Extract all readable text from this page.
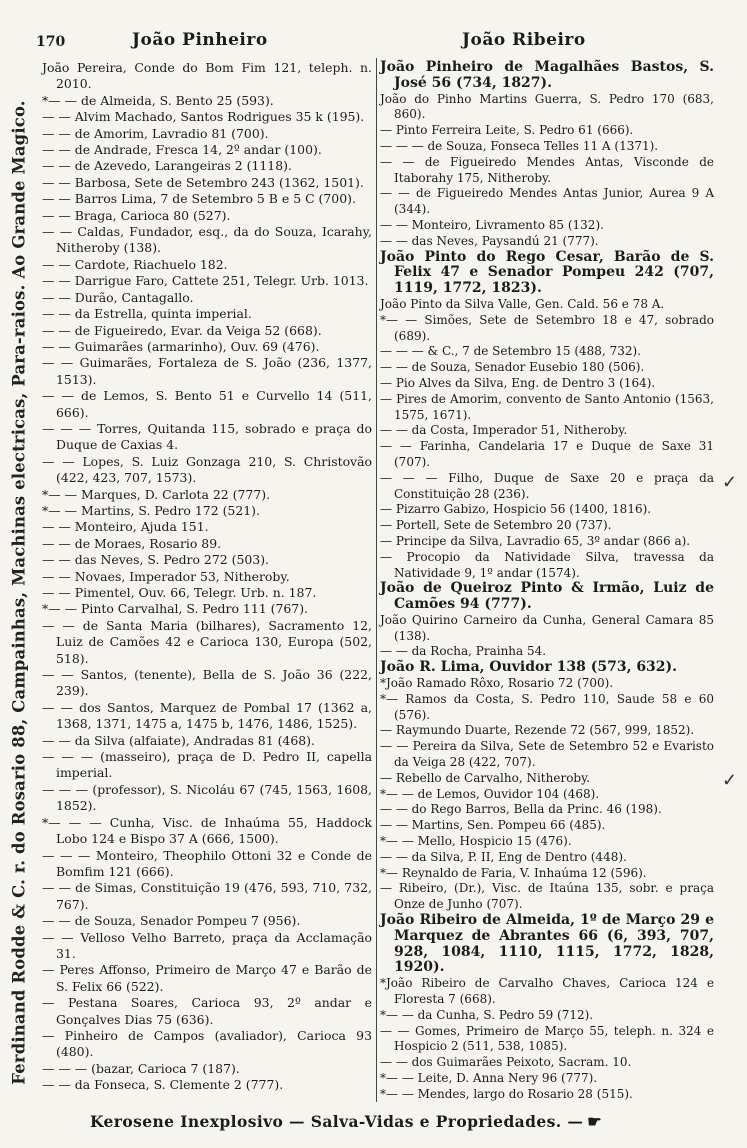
170	João Pinheiro	João Ribeiro
Ferdinand Rodde & C. r. do Rosario 88, Campainhas, Machinas electricas, Para-raios. Ao Grande Magico.

João Pereira, Conde do Bom Fim 121, teleph. n. 2010.

*— — de Almeida, S. Bento 25 (593).

— — Alvim Machado, Santos Rodrigues 35 k (195).

— — de Amorim, Lavradio 81 (700).

— — de Andrade, Fresca 14, 2º andar (100).

— — de Azevedo, Larangeiras 2 (1118).

— — Barbosa, Sete de Setembro 243 (1362, 1501).

— — Barros Lima, 7 de Setembro 5 B e 5 C (700).

— — Braga, Carioca 80 (527).

— — Caldas, Fundador, esq., da do Souza, Icarahy, Nitheroby (138).

— — Cardote, Riachuelo 182.

— — Darrigue Faro, Cattete 251, Telegr. Urb. 1013.

— — Durão, Cantagallo.

— — da Estrella, quinta imperial.

— — de Figueiredo, Evar. da Veiga 52 (668).

— — Guimarães (armarinho), Ouv. 69 (476).

— — Guimarães, Fortaleza de S. João (236, 1377, 1513).

— — de Lemos, S. Bento 51 e Curvello 14 (511, 666).

— — — Torres, Quitanda 115, sobrado e praça do Duque de Caxias 4.

— — Lopes, S. Luiz Gonzaga 210, S. Christovão (422, 423, 707, 1573).

*— — Marques, D. Carlota 22 (777).

*— — Martins, S. Pedro 172 (521).

— — Monteiro, Ajuda 151.

— — de Moraes, Rosario 89.

— — das Neves, S. Pedro 272 (503).

— — Novaes, Imperador 53, Nitheroby.

— — Pimentel, Ouv. 66, Telegr. Urb. n. 187.

*— — Pinto Carvalhal, S. Pedro 111 (767).

— — de Santa Maria (bilhares), Sacramento 12, Luiz de Camões 42 e Carioca 130, Europa (502, 518).

— — Santos, (tenente), Bella de S. João 36 (222, 239).

— — dos Santos, Marquez de Pombal 17 (1362 a, 1368, 1371, 1475 a, 1475 b, 1476, 1486, 1525).

— — da Silva (alfaiate), Andradas 81 (468).

— — — (masseiro), praça de D. Pedro II, capella imperial.

— — — (professor), S. Nicoláu 67 (745, 1563, 1608, 1852).

*— — — Cunha, Visc. de Inhaúma 55, Haddock Lobo 124 e Bispo 37 A (666, 1500).

— — — Monteiro, Theophilo Ottoni 32 e Conde de Bomfim 121 (666).

— — de Simas, Constituição 19 (476, 593, 710, 732, 767).

— — de Souza, Senador Pompeu 7 (956).

— — Velloso Velho Barreto, praça da Acclamação 31.

— Peres Affonso, Primeiro de Março 47 e Barão de S. Felix 66 (522).

— Pestana Soares, Carioca 93, 2º andar e Gonçalves Dias 75 (636).

— Pinheiro de Campos (avaliador), Carioca 93 (480).

— — — (bazar, Carioca 7 (187).

— — da Fonseca, S. Clemente 2 (777).

João Pinheiro de Magalhães Bastos, S. José 56 (734, 1827).

João do Pinho Martins Guerra, S. Pedro 170 (683, 860).

— Pinto Ferreira Leite, S. Pedro 61 (666).

— — — de Souza, Fonseca Telles 11 A (1371).

— — de Figueiredo Mendes Antas, Visconde de Itaborahy 175, Nitheroby.

— — de Figueiredo Mendes Antas Junior, Aurea 9 A (344).

— — Monteiro, Livramento 85 (132).

— — das Neves, Paysandú 21 (777).

João Pinto do Rego Cesar, Barão de S. Felix 47 e Senador Pompeu 242 (707, 1119, 1772, 1823).

João Pinto da Silva Valle, Gen. Cald. 56 e 78 A.

*— — Simões, Sete de Setembro 18 e 47, sobrado (689).

— — — & C., 7 de Setembro 15 (488, 732).

— — de Souza, Senador Eusebio 180 (506).

— Pio Alves da Silva, Eng. de Dentro 3 (164).

— Pires de Amorim, convento de Santo Antonio (1563, 1575, 1671).

— — da Costa, Imperador 51, Nitheroby.

— — Farinha, Candelaria 17 e Duque de Saxe 31 (707).

— — — Filho, Duque de Saxe 20 e praça da Constituição 28 (236).

— Pizarro Gabizo, Hospicio 56 (1400, 1816).

— Portell, Sete de Setembro 20 (737).

— Principe da Silva, Lavradio 65, 3º andar (866 a).

— Procopio da Natividade Silva, travessa da Natividade 9, 1º andar (1574).

João de Queiroz Pinto & Irmão, Luiz de Camões 94 (777).

João Quirino Carneiro da Cunha, General Camara 85 (138).

— — da Rocha, Prainha 54.

João R. Lima, Ouvidor 138 (573, 632).

*João Ramado Rôxo, Rosario 72 (700).

*— Ramos da Costa, S. Pedro 110, Saude 58 e 60 (576).

— Raymundo Duarte, Rezende 72 (567, 999, 1852).

— — Pereira da Silva, Sete de Setembro 52 e Evaristo da Veiga 28 (422, 707).

— Rebello de Carvalho, Nitheroby.

*— — de Lemos, Ouvidor 104 (468).

— — do Rego Barros, Bella da Princ. 46 (198).

— — Martins, Sen. Pompeu 66 (485).

*— — Mello, Hospicio 15 (476).

— — da Silva, P. II, Eng de Dentro (448).

*— Reynaldo de Faria, V. Inhaúma 12 (596).

— Ribeiro, (Dr.), Visc. de Itaúna 135, sobr. e praça Onze de Junho (707).

João Ribeiro de Almeida, 1º de Março 29 e Marquez de Abrantes 66 (6, 393, 707, 928, 1084, 1110, 1115, 1772, 1828, 1920).

*João Ribeiro de Carvalho Chaves, Carioca 124 e Floresta 7 (668).

*— — da Cunha, S. Pedro 59 (712).

— — Gomes, Primeiro de Março 55, teleph. n. 324 e Hospicio 2 (511, 538, 1085).

— — dos Guimarães Peixoto, Sacram. 10.

*— — Leite, D. Anna Nery 96 (777).

*— — Mendes, largo do Rosario 28 (515).

✓
✓
Kerosene Inexplosivo — Salva-Vidas e Propriedades. — ☛
